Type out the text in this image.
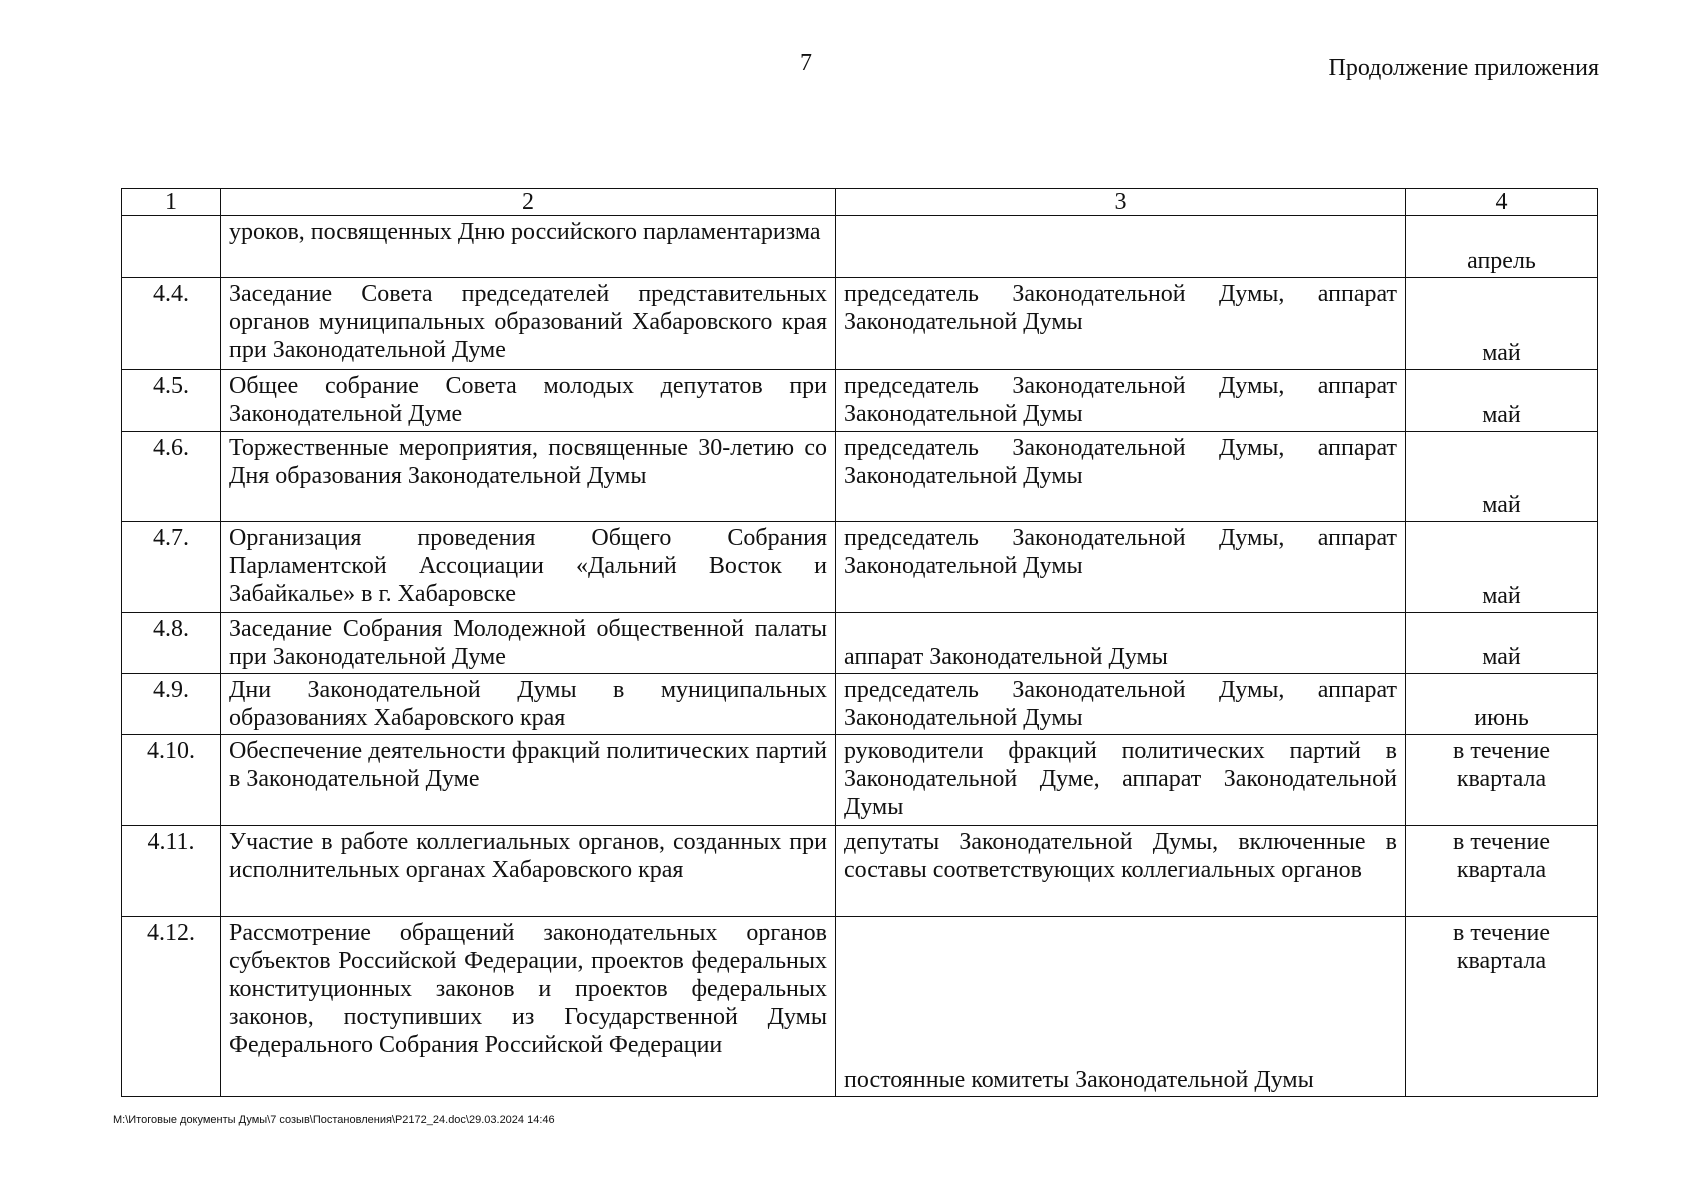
7	Продолжение приложения
1	2	3	4
	уроков, посвященных Дню российского парламентаризма		апрель
4.4.	Заседание Совета председателей представительных органов муниципальных образований Хабаровского края при Законодательной Думе	председатель Законодательной Думы, аппарат Законодательной Думы	май
4.5.	Общее собрание Совета молодых депутатов при Законодательной Думе	председатель Законодательной Думы, аппарат Законодательной Думы	май
4.6.	Торжественные мероприятия, посвященные 30-летию со Дня образования Законодательной Думы	председатель Законодательной Думы, аппарат Законодательной Думы	май
4.7.	Организация проведения Общего Собрания Парламентской Ассоциации «Дальний Восток и Забайкалье» в г. Хабаровске	председатель Законодательной Думы, аппарат Законодательной Думы	май
4.8.	Заседание Собрания Молодежной общественной палаты при Законодательной Думе	аппарат Законодательной Думы	май
4.9.	Дни Законодательной Думы в муниципальных образованиях Хабаровского края	председатель Законодательной Думы, аппарат Законодательной Думы	июнь
4.10.	Обеспечение деятельности фракций политических партий в Законодательной Думе	руководители фракций политических партий в Законодательной Думе, аппарат Законодательной Думы	в течение квартала
4.11.	Участие в работе коллегиальных органов, созданных при исполнительных органах Хабаровского края	депутаты Законодательной Думы, включенные в составы соответствующих коллегиальных органов	в течение квартала
4.12.	Рассмотрение обращений законодательных органов субъектов Российской Федерации, проектов федеральных конституционных законов и проектов федеральных законов, поступивших из Государственной Думы Федерального Собрания Российской Федерации	постоянные комитеты Законодательной Думы	в течение квартала
M:\Итоговые документы Думы\7 созыв\Постановления\P2172_24.doc\29.03.2024 14:46
